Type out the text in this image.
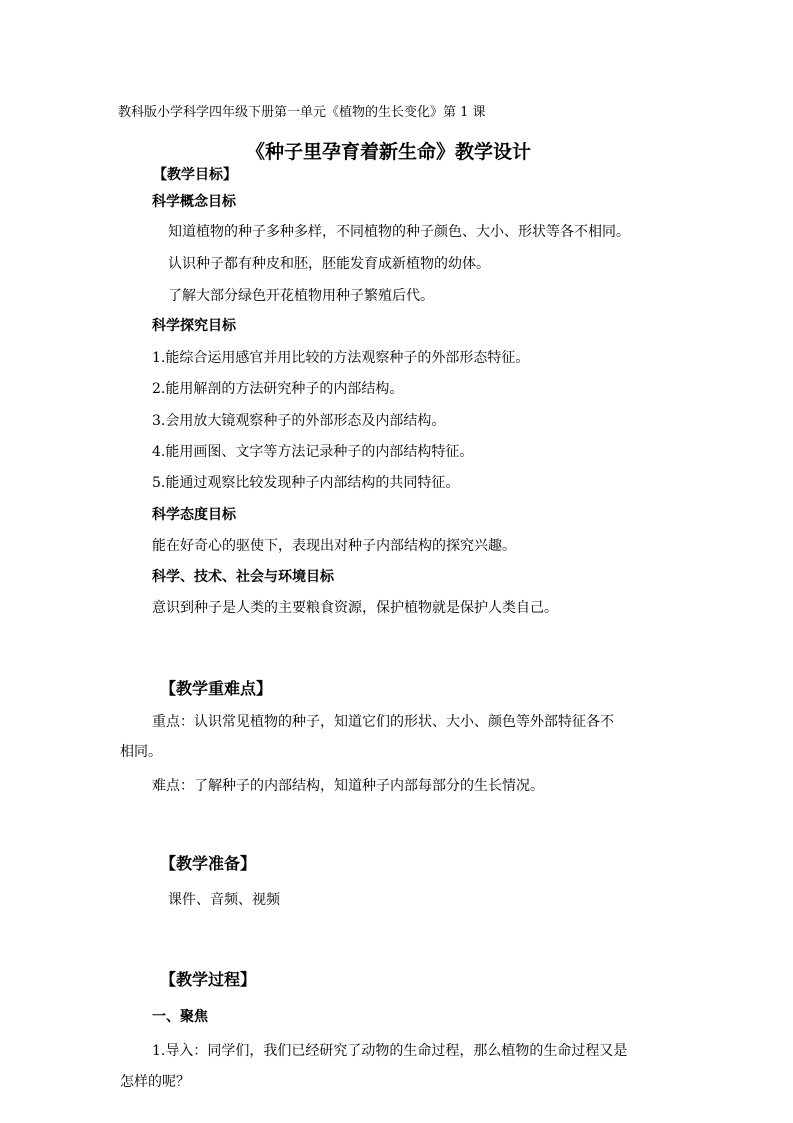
教科版小学科学四年级下册第一单元《植物的生长变化》第 1 课
《种子里孕育着新生命》教学设计
【教学目标】
科学概念目标
知道植物的种子多种多样，不同植物的种子颜色、大小、形状等各不相同。
认识种子都有种皮和胚，胚能发育成新植物的幼体。
了解大部分绿色开花植物用种子繁殖后代。
科学探究目标
1.能综合运用感官并用比较的方法观察种子的外部形态特征。
2.能用解剖的方法研究种子的内部结构。
3.会用放大镜观察种子的外部形态及内部结构。
4.能用画图、文字等方法记录种子的内部结构特征。
5.能通过观察比较发现种子内部结构的共同特征。
科学态度目标
能在好奇心的驱使下，表现出对种子内部结构的探究兴趣。
科学、技术、社会与环境目标
意识到种子是人类的主要粮食资源，保护植物就是保护人类自己。
【教学重难点】
重点：认识常见植物的种子，知道它们的形状、大小、颜色等外部特征各不
相同。
难点：了解种子的内部结构，知道种子内部每部分的生长情况。
【教学准备】
课件、音频、视频
【教学过程】
一、聚焦
1.导入：同学们，我们已经研究了动物的生命过程，那么植物的生命过程又是
怎样的呢？
